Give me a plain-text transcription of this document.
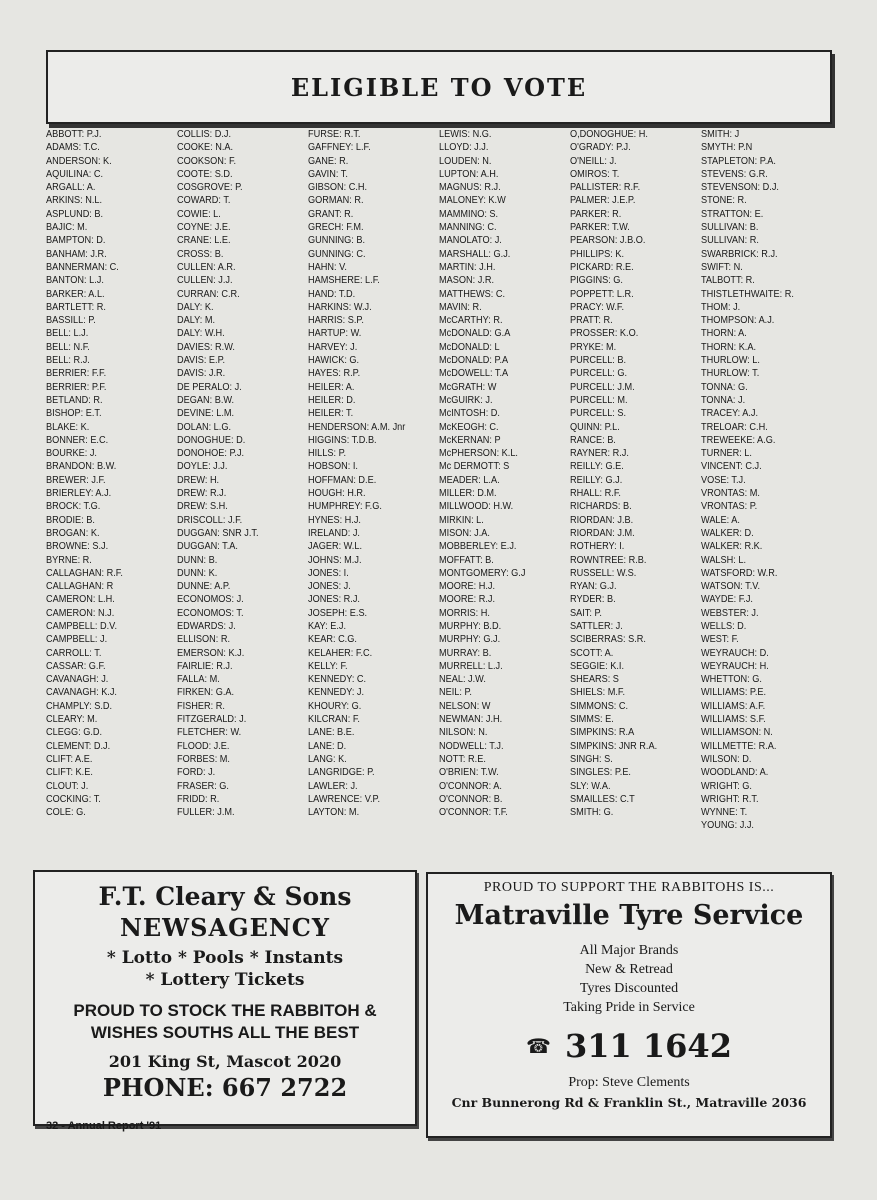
ELIGIBLE TO VOTE
ABBOTT: P.J.
ADAMS: T.C.
ANDERSON: K.
AQUILINA: C.
ARGALL: A.
ARKINS: N.L.
ASPLUND: B.
BAJIC: M.
BAMPTON: D.
BANHAM: J.R.
BANNERMAN: C.
BANTON: L.J.
BARKER: A.L.
BARTLETT: R.
BASSILL: P.
BELL: L.J.
BELL: N.F.
BELL: R.J.
BERRIER: F.F.
BERRIER: P.F.
BETLAND: R.
BISHOP: E.T.
BLAKE: K.
BONNER: E.C.
BOURKE: J.
BRANDON: B.W.
BREWER: J.F.
BRIERLEY: A.J.
BROCK: T.G.
BRODIE: B.
BROGAN: K.
BROWNE: S.J.
BYRNE: R.
CALLAGHAN: R.F.
CALLAGHAN: R
CAMERON: L.H.
CAMERON: N.J.
CAMPBELL: D.V.
CAMPBELL: J.
CARROLL: T.
CASSAR: G.F.
CAVANAGH: J.
CAVANAGH: K.J.
CHAMPLY: S.D.
CLEARY: M.
CLEGG: G.D.
CLEMENT: D.J.
CLIFT: A.E.
CLIFT: K.E.
CLOUT: J.
COCKING: T.
COLE: G.
COLLIS: D.J.
COOKE: N.A.
COOKSON: F.
COOTE: S.D.
COSGROVE: P.
COWARD: T.
COWIE: L.
COYNE: J.E.
CRANE: L.E.
CROSS: B.
CULLEN: A.R.
CULLEN: J.J.
CURRAN: C.R.
DALY: K.
DALY: M.
DALY: W.H.
DAVIES: R.W.
DAVIS: E.P.
DAVIS: J.R.
DE PERALO: J.
DEGAN: B.W.
DEVINE: L.M.
DOLAN: L.G.
DONOGHUE: D.
DONOHOE: P.J.
DOYLE: J.J.
DREW: H.
DREW: R.J.
DREW: S.H.
DRISCOLL: J.F.
DUGGAN: SNR J.T.
DUGGAN: T.A.
DUNN: B.
DUNN: K.
DUNNE: A.P.
ECONOMOS: J.
ECONOMOS: T.
EDWARDS: J.
ELLISON: R.
EMERSON: K.J.
FAIRLIE: R.J.
FALLA: M.
FIRKEN: G.A.
FISHER: R.
FITZGERALD: J.
FLETCHER: W.
FLOOD: J.E.
FORBES: M.
FORD: J.
FRASER: G.
FRIDD: R.
FULLER: J.M.
FURSE: R.T.
GAFFNEY: L.F.
GANE: R.
GAVIN: T.
GIBSON: C.H.
GORMAN: R.
GRANT: R.
GRECH: F.M.
GUNNING: B.
GUNNING: C.
HAHN: V.
HAMSHERE: L.F.
HAND: T.D.
HARKINS: W.J.
HARRIS: S.P.
HARTUP: W.
HARVEY: J.
HAWICK: G.
HAYES: R.P.
HEILER: A.
HEILER: D.
HEILER: T.
HENDERSON: A.M. Jnr
HIGGINS: T.D.B.
HILLS: P.
HOBSON: I.
HOFFMAN: D.E.
HOUGH: H.R.
HUMPHREY: F.G.
HYNES: H.J.
IRELAND: J.
JAGER: W.L.
JOHNS: M.J.
JONES: I.
JONES: J.
JONES: R.J.
JOSEPH: E.S.
KAY: E.J.
KEAR: C.G.
KELAHER: F.C.
KELLY: F.
KENNEDY: C.
KENNEDY: J.
KHOURY: G.
KILCRAN: F.
LANE: B.E.
LANE: D.
LANG: K.
LANGRIDGE: P.
LAWLER: J.
LAWRENCE: V.P.
LAYTON: M.
LEWIS: N.G.
LLOYD: J.J.
LOUDEN: N.
LUPTON: A.H.
MAGNUS: R.J.
MALONEY: K.W
MAMMINO: S.
MANNING: C.
MANOLATO: J.
MARSHALL: G.J.
MARTIN: J.H.
MASON: J.R.
MATTHEWS: C.
MAVIN: R.
McCARTHY: R.
McDONALD: G.A
McDONALD: L
McDONALD: P.A
McDOWELL: T.A
McGRATH: W
McGUIRK: J.
McINTOSH: D.
McKEOGH: C.
McKERNAN: P
McPHERSON: K.L.
Mc DERMOTT: S
MEADER: L.A.
MILLER: D.M.
MILLWOOD: H.W.
MIRKIN: L.
MISON: J.A.
MOBBERLEY: E.J.
MOFFATT: B.
MONTGOMERY: G.J
MOORE: H.J.
MOORE: R.J.
MORRIS: H.
MURPHY: B.D.
MURPHY: G.J.
MURRAY: B.
MURRELL: L.J.
NEAL: J.W.
NEIL: P.
NELSON: W
NEWMAN: J.H.
NILSON: N.
NODWELL: T.J.
NOTT: R.E.
O'BRIEN: T.W.
O'CONNOR: A.
O'CONNOR: B.
O'CONNOR: T.F.
O,DONOGHUE: H.
O'GRADY: P.J.
O'NEILL: J.
OMIROS: T.
PALLISTER: R.F.
PALMER: J.E.P.
PARKER: R.
PARKER: T.W.
PEARSON: J.B.O.
PHILLIPS: K.
PICKARD: R.E.
PIGGINS: G.
POPPETT: L.R.
PRACY: W.F.
PRATT: R.
PROSSER: K.O.
PRYKE: M.
PURCELL: B.
PURCELL: G.
PURCELL: J.M.
PURCELL: M.
PURCELL: S.
QUINN: P.L.
RANCE: B.
RAYNER: R.J.
REILLY: G.E.
REILLY: G.J.
RHALL: R.F.
RICHARDS: B.
RIORDAN: J.B.
RIORDAN: J.M.
ROTHERY: I.
ROWNTREE: R.B.
RUSSELL: W.S.
RYAN: G.J.
RYDER: B.
SAIT: P.
SATTLER: J.
SCIBERRAS: S.R.
SCOTT: A.
SEGGIE: K.I.
SHEARS: S
SHIELS: M.F.
SIMMONS: C.
SIMMS: E.
SIMPKINS: R.A
SIMPKINS: JNR R.A.
SINGH: S.
SINGLES: P.E.
SLY: W.A.
SMAILLES: C.T
SMITH: G.
SMITH: J
SMYTH: P.N
STAPLETON: P.A.
STEVENS: G.R.
STEVENSON: D.J.
STONE: R.
STRATTON: E.
SULLIVAN: B.
SULLIVAN: R.
SWARBRICK: R.J.
SWIFT: N.
TALBOTT: R.
THISTLETHWAITE: R.
THOM: J.
THOMPSON: A.J.
THORN: A.
THORN: K.A.
THURLOW: L.
THURLOW: T.
TONNA: G.
TONNA: J.
TRACEY: A.J.
TRELOAR: C.H.
TREWEEKE: A.G.
TURNER: L.
VINCENT: C.J.
VOSE: T.J.
VRONTAS: M.
VRONTAS: P.
WALE: A.
WALKER: D.
WALKER: R.K.
WALSH: L.
WATSFORD: W.R.
WATSON: T.V.
WAYDE: F.J.
WEBSTER: J.
WELLS: D.
WEST: F.
WEYRAUCH: D.
WEYRAUCH: H.
WHETTON: G.
WILLIAMS: P.E.
WILLIAMS: A.F.
WILLIAMS: S.F.
WILLIAMSON: N.
WILLMETTE: R.A.
WILSON: D.
WOODLAND: A.
WRIGHT: G.
WRIGHT: R.T.
WYNNE: T.
YOUNG: J.J.
F.T. Cleary & Sons
NEWSAGENCY
* Lotto * Pools * Instants
* Lottery Tickets
PROUD TO STOCK THE RABBITOH &
WISHES SOUTHS ALL THE BEST
201 King St, Mascot 2020
PHONE: 667 2722
PROUD TO SUPPORT THE RABBITOHS IS...
Matraville Tyre Service
All Major Brands
New & Retread
Tyres Discounted
Taking Pride in Service
☎ 311 1642
Prop: Steve Clements
Cnr Bunnerong Rd & Franklin St., Matraville 2036
32 - Annual Report '91
